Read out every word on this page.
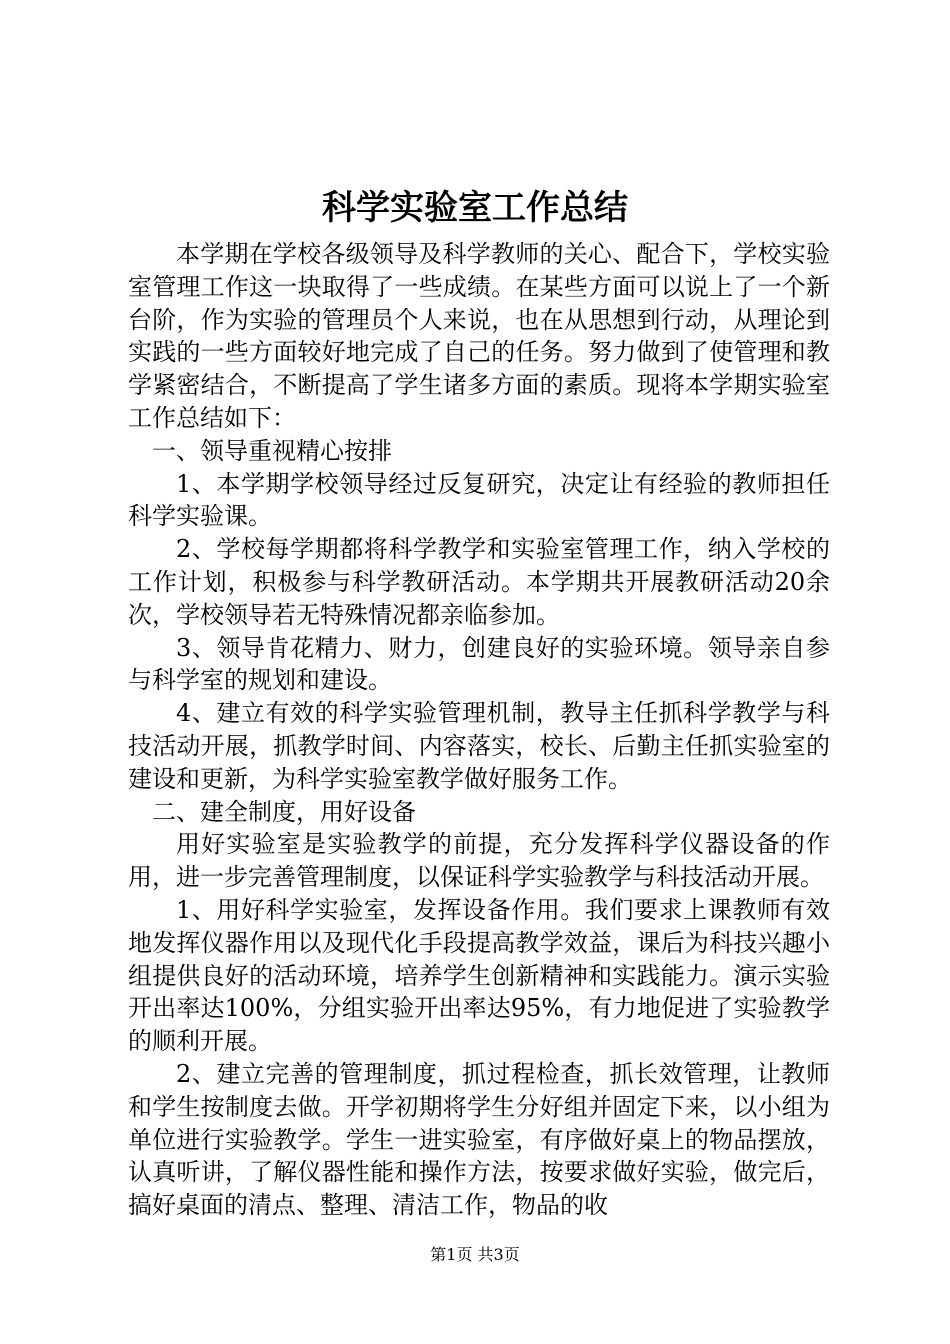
科学实验室工作总结

本学期在学校各级领导及科学教师的关心、配合下，学校实验室管理工作这一块取得了一些成绩。在某些方面可以说上了一个新台阶，作为实验的管理员个人来说，也在从思想到行动，从理论到实践的一些方面较好地完成了自己的任务。努力做到了使管理和教学紧密结合，不断提高了学生诸多方面的素质。现将本学期实验室工作总结如下：

一、领导重视精心按排

1、本学期学校领导经过反复研究，决定让有经验的教师担任科学实验课。

2、学校每学期都将科学教学和实验室管理工作，纳入学校的工作计划，积极参与科学教研活动。本学期共开展教研活动20余次，学校领导若无特殊情况都亲临参加。

3、领导肯花精力、财力，创建良好的实验环境。领导亲自参与科学室的规划和建设。

4、建立有效的科学实验管理机制，教导主任抓科学教学与科技活动开展，抓教学时间、内容落实，校长、后勤主任抓实验室的建设和更新，为科学实验室教学做好服务工作。

二、建全制度，用好设备

用好实验室是实验教学的前提，充分发挥科学仪器设备的作用，进一步完善管理制度，以保证科学实验教学与科技活动开展。

1、用好科学实验室，发挥设备作用。我们要求上课教师有效地发挥仪器作用以及现代化手段提高教学效益，课后为科技兴趣小组提供良好的活动环境，培养学生创新精神和实践能力。演示实验开出率达100%，分组实验开出率达95%，有力地促进了实验教学的顺利开展。

2、建立完善的管理制度，抓过程检查，抓长效管理，让教师和学生按制度去做。开学初期将学生分好组并固定下来，以小组为单位进行实验教学。学生一进实验室，有序做好桌上的物品摆放，认真听讲，了解仪器性能和操作方法，按要求做好实验，做完后，搞好桌面的清点、整理、清洁工作，物品的收

第1页 共3页
